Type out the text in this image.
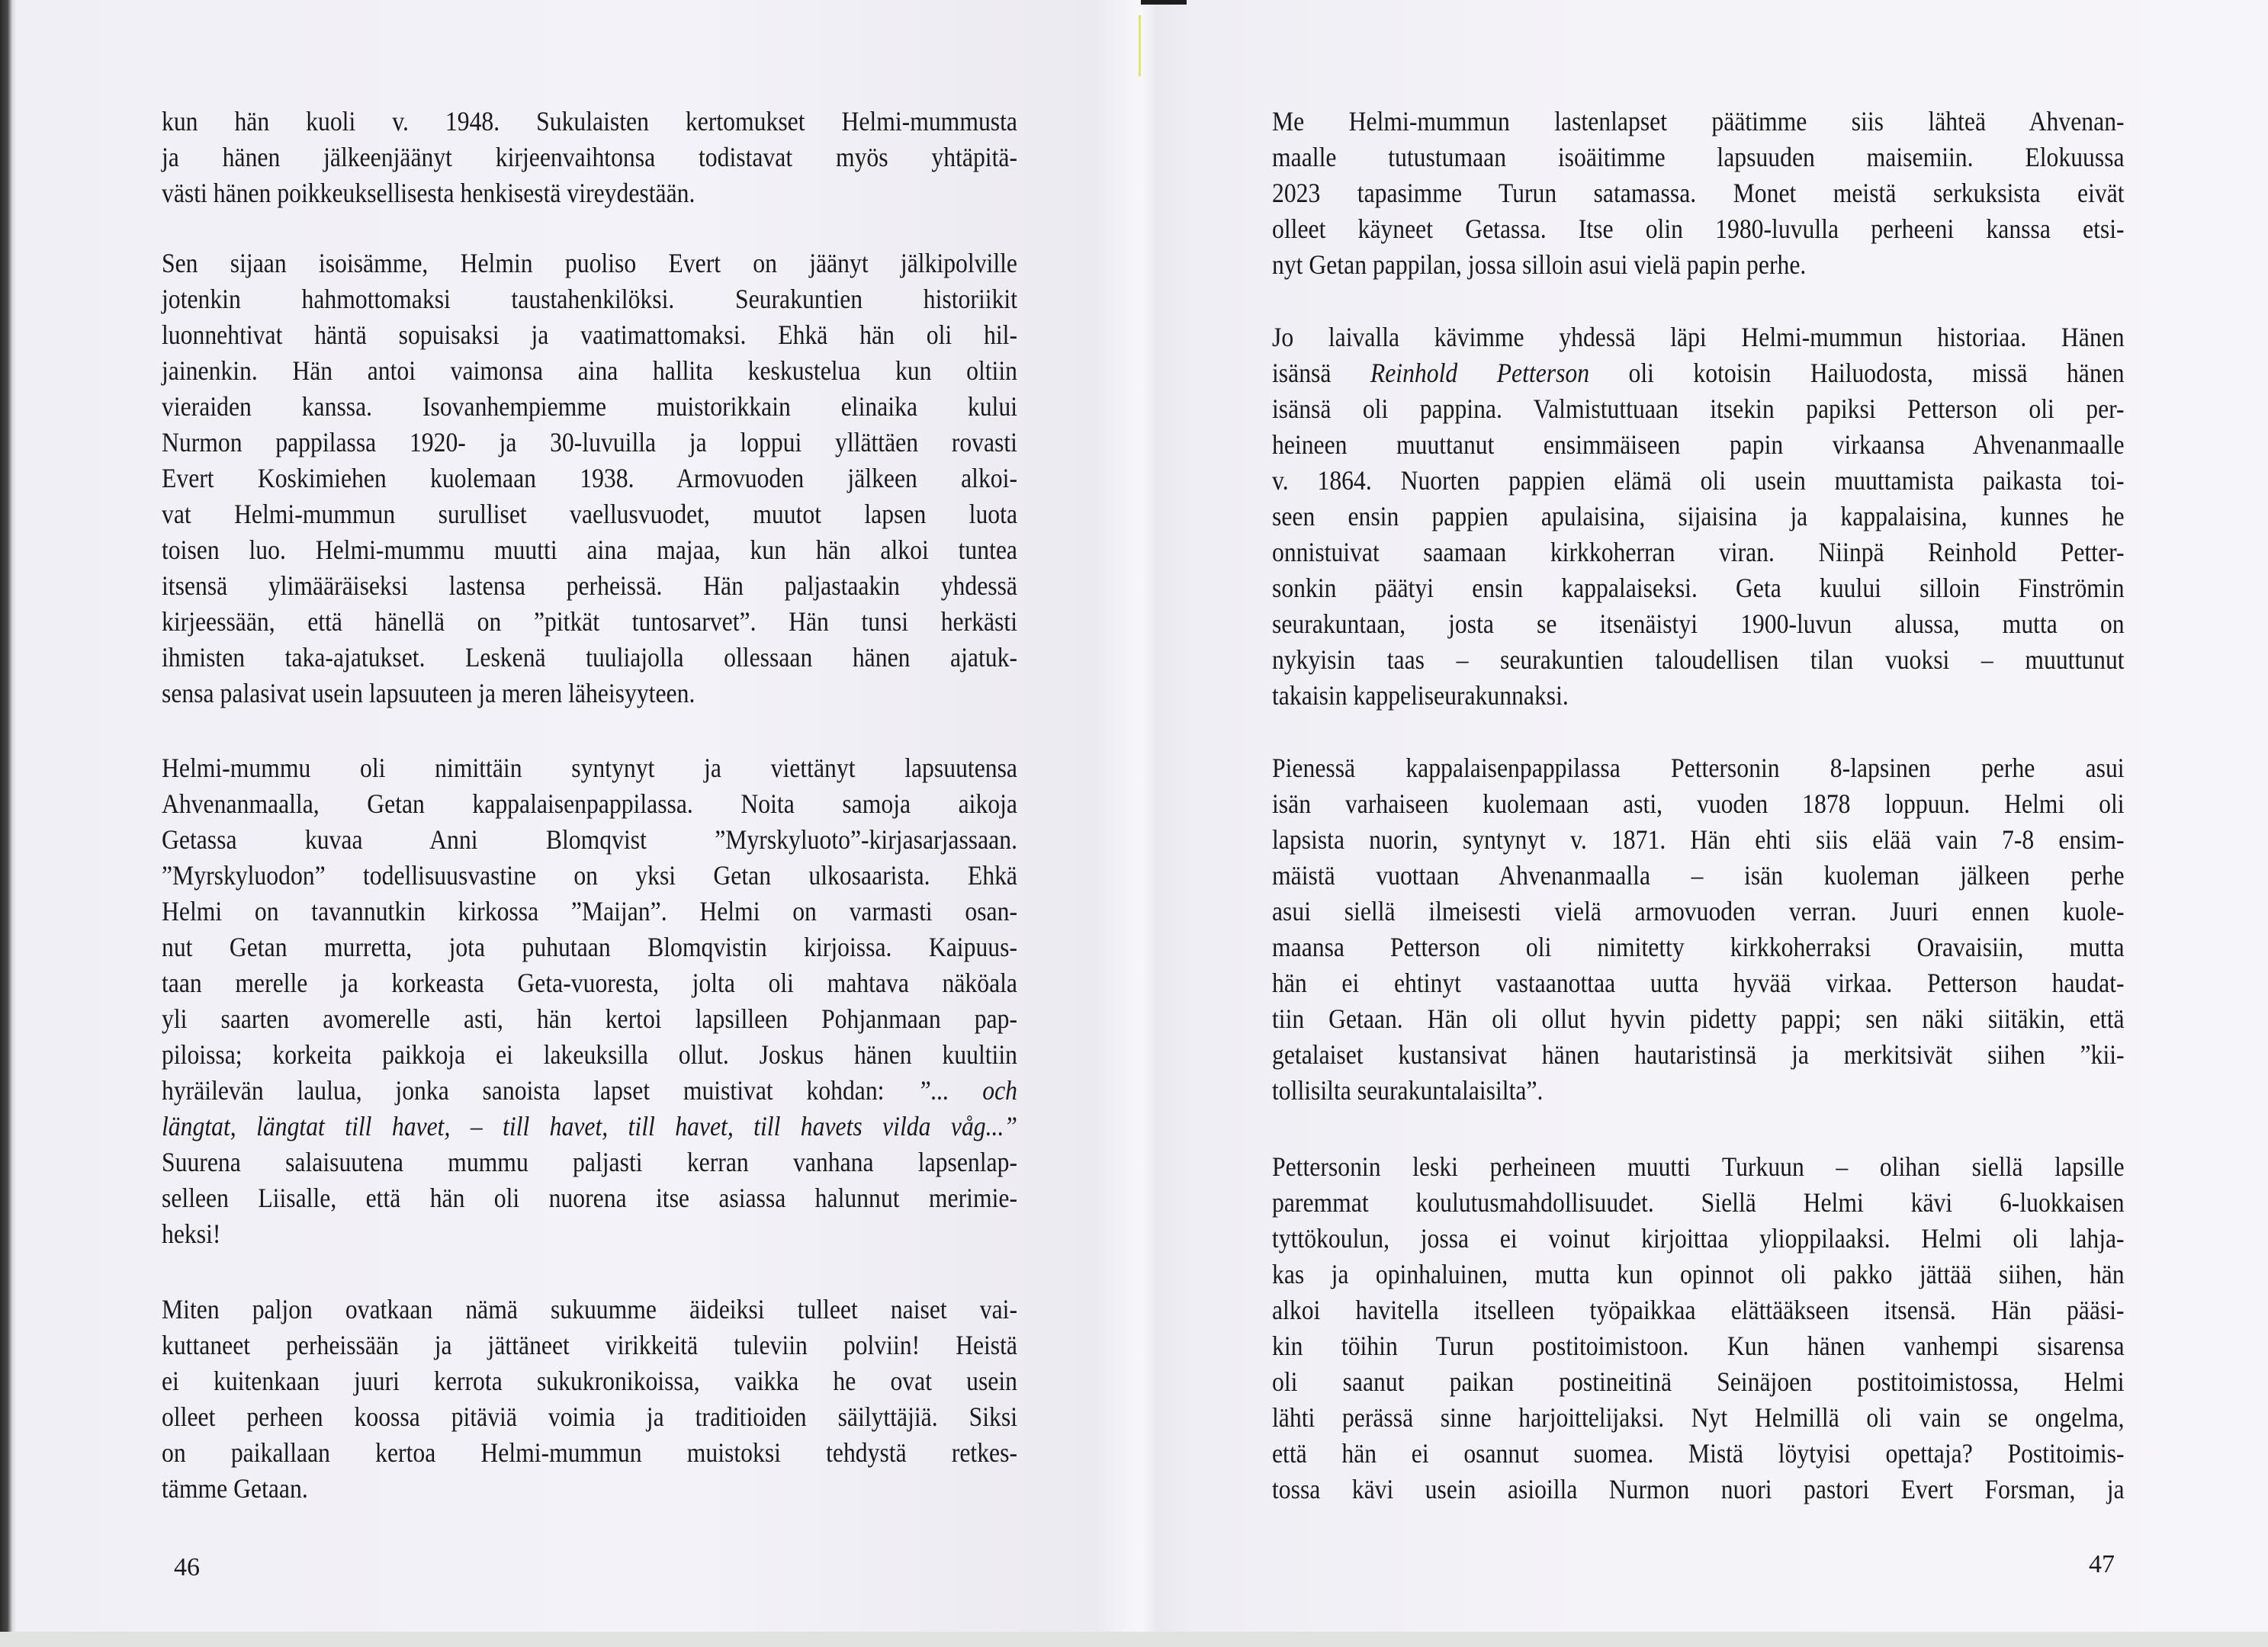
kun hän kuoli v. 1948. Sukulaisten kertomukset Helmi-mummusta
ja hänen jälkeenjäänyt kirjeenvaihtonsa todistavat myös yhtäpitä-
västi hänen poikkeuksellisesta henkisestä vireydestään.
Sen sijaan isoisämme, Helmin puoliso Evert on jäänyt jälkipolville
jotenkin hahmottomaksi taustahenkilöksi. Seurakuntien historiikit
luonnehtivat häntä sopuisaksi ja vaatimattomaksi. Ehkä hän oli hil-
jainenkin. Hän antoi vaimonsa aina hallita keskustelua kun oltiin
vieraiden kanssa. Isovanhempiemme muistorikkain elinaika kului
Nurmon pappilassa 1920- ja 30-luvuilla ja loppui yllättäen rovasti
Evert Koskimiehen kuolemaan 1938. Armovuoden jälkeen alkoi-
vat Helmi-mummun surulliset vaellusvuodet, muutot lapsen luota
toisen luo. Helmi-mummu muutti aina majaa, kun hän alkoi tuntea
itsensä ylimääräiseksi lastensa perheissä. Hän paljastaakin yhdessä
kirjeessään, että hänellä on ”pitkät tuntosarvet”. Hän tunsi herkästi
ihmisten taka-ajatukset. Leskenä tuuliajolla ollessaan hänen ajatuk-
sensa palasivat usein lapsuuteen ja meren läheisyyteen.
Helmi-mummu oli nimittäin syntynyt ja viettänyt lapsuutensa
Ahvenanmaalla, Getan kappalaisenpappilassa. Noita samoja aikoja
Getassa kuvaa Anni Blomqvist ”Myrskyluoto”-kirjasarjassaan.
”Myrskyluodon” todellisuusvastine on yksi Getan ulkosaarista. Ehkä
Helmi on tavannutkin kirkossa ”Maijan”. Helmi on varmasti osan-
nut Getan murretta, jota puhutaan Blomqvistin kirjoissa. Kaipuus-
taan merelle ja korkeasta Geta-vuoresta, jolta oli mahtava näköala
yli saarten avomerelle asti, hän kertoi lapsilleen Pohjanmaan pap-
piloissa; korkeita paikkoja ei lakeuksilla ollut. Joskus hänen kuultiin
hyräilevän laulua, jonka sanoista lapset muistivat kohdan: ”... och
längtat, längtat till havet, – till havet, till havet, till havets vilda våg...”
Suurena salaisuutena mummu paljasti kerran vanhana lapsenlap-
selleen Liisalle, että hän oli nuorena itse asiassa halunnut merimie-
heksi!
Miten paljon ovatkaan nämä sukuumme äideiksi tulleet naiset vai-
kuttaneet perheissään ja jättäneet virikkeitä tuleviin polviin! Heistä
ei kuitenkaan juuri kerrota sukukronikoissa, vaikka he ovat usein
olleet perheen koossa pitäviä voimia ja traditioiden säilyttäjiä. Siksi
on paikallaan kertoa Helmi-mummun muistoksi tehdystä retkes-
tämme Getaan.
46
Me Helmi-mummun lastenlapset päätimme siis lähteä Ahvenan-
maalle tutustumaan isoäitimme lapsuuden maisemiin. Elokuussa
2023 tapasimme Turun satamassa. Monet meistä serkuksista eivät
olleet käyneet Getassa. Itse olin 1980-luvulla perheeni kanssa etsi-
nyt Getan pappilan, jossa silloin asui vielä papin perhe.
Jo laivalla kävimme yhdessä läpi Helmi-mummun historiaa. Hänen
isänsä Reinhold Petterson oli kotoisin Hailuodosta, missä hänen
isänsä oli pappina. Valmistuttuaan itsekin papiksi Petterson oli per-
heineen muuttanut ensimmäiseen papin virkaansa Ahvenanmaalle
v. 1864. Nuorten pappien elämä oli usein muuttamista paikasta toi-
seen ensin pappien apulaisina, sijaisina ja kappalaisina, kunnes he
onnistuivat saamaan kirkkoherran viran. Niinpä Reinhold Petter-
sonkin päätyi ensin kappalaiseksi. Geta kuului silloin Finströmin
seurakuntaan, josta se itsenäistyi 1900-luvun alussa, mutta on
nykyisin taas – seurakuntien taloudellisen tilan vuoksi – muuttunut
takaisin kappeliseurakunnaksi.
Pienessä kappalaisenpappilassa Pettersonin 8-lapsinen perhe asui
isän varhaiseen kuolemaan asti, vuoden 1878 loppuun. Helmi oli
lapsista nuorin, syntynyt v. 1871. Hän ehti siis elää vain 7-8 ensim-
mäistä vuottaan Ahvenanmaalla – isän kuoleman jälkeen perhe
asui siellä ilmeisesti vielä armovuoden verran. Juuri ennen kuole-
maansa Petterson oli nimitetty kirkkoherraksi Oravaisiin, mutta
hän ei ehtinyt vastaanottaa uutta hyvää virkaa. Petterson haudat-
tiin Getaan. Hän oli ollut hyvin pidetty pappi; sen näki siitäkin, että
getalaiset kustansivat hänen hautaristinsä ja merkitsivät siihen ”kii-
tollisilta seurakuntalaisilta”.
Pettersonin leski perheineen muutti Turkuun – olihan siellä lapsille
paremmat koulutusmahdollisuudet. Siellä Helmi kävi 6-luokkaisen
tyttökoulun, jossa ei voinut kirjoittaa ylioppilaaksi. Helmi oli lahja-
kas ja opinhaluinen, mutta kun opinnot oli pakko jättää siihen, hän
alkoi havitella itselleen työpaikkaa elättääkseen itsensä. Hän pääsi-
kin töihin Turun postitoimistoon. Kun hänen vanhempi sisarensa
oli saanut paikan postineitinä Seinäjoen postitoimistossa, Helmi
lähti perässä sinne harjoittelijaksi. Nyt Helmillä oli vain se ongelma,
että hän ei osannut suomea. Mistä löytyisi opettaja? Postitoimis-
tossa kävi usein asioilla Nurmon nuori pastori Evert Forsman, ja
47
